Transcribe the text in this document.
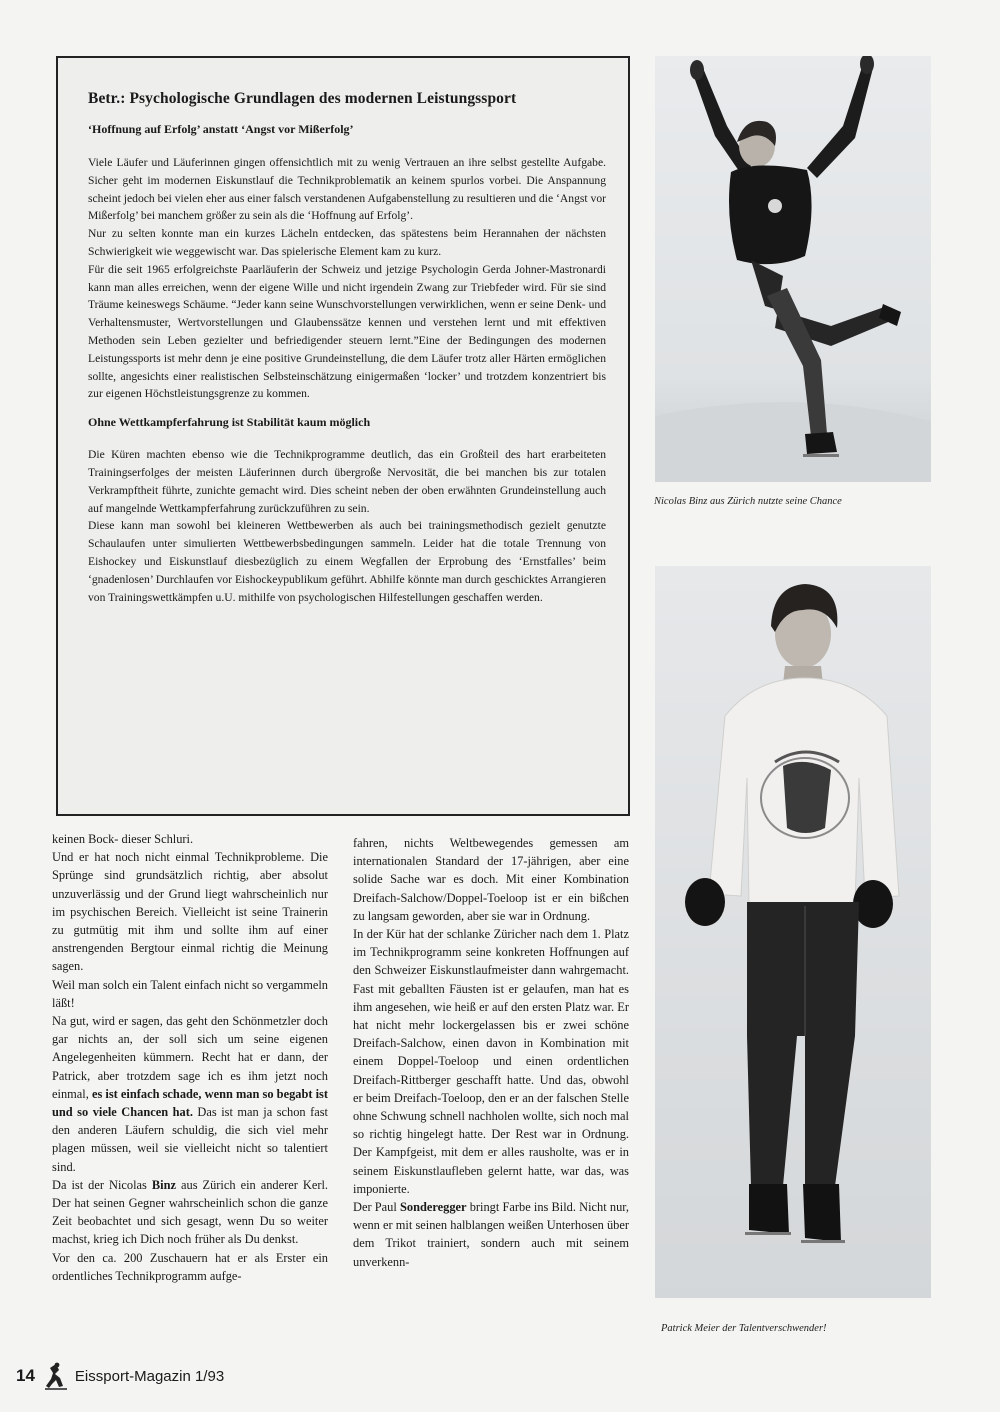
Betr.: Psychologische Grundlagen des modernen Leistungssport
‘Hoffnung auf Erfolg’ anstatt ‘Angst vor Mißerfolg’

Viele Läufer und Läuferinnen gingen offensichtlich mit zu wenig Vertrauen an ihre selbst gestellte Aufgabe. Sicher geht im modernen Eiskunstlauf die Technikproblematik an keinem spurlos vorbei. Die Anspannung scheint jedoch bei vielen eher aus einer falsch verstandenen Aufgabenstellung zu resultieren und die ‘Angst vor Mißerfolg’ bei manchem größer zu sein als die ‘Hoffnung auf Erfolg’.

Nur zu selten konnte man ein kurzes Lächeln entdecken, das spätestens beim Herannahen der nächsten Schwierigkeit wie weggewischt war. Das spielerische Element kam zu kurz.

Für die seit 1965 erfolgreichste Paarläuferin der Schweiz und jetzige Psychologin Gerda Johner-Mastronardi kann man alles erreichen, wenn der eigene Wille und nicht irgendein Zwang zur Triebfeder wird. Für sie sind Träume keineswegs Schäume. “Jeder kann seine Wunschvorstellungen verwirklichen, wenn er seine Denk- und Verhaltensmuster, Wertvorstellungen und Glaubenssätze kennen und verstehen lernt und mit effektiven Methoden sein Leben gezielter und befriedigender steuern lernt.”Eine der Bedingungen des modernen Leistungssports ist mehr denn je eine positive Grundeinstellung, die dem Läufer trotz aller Härten ermöglichen sollte, angesichts einer realistischen Selbsteinschätzung einigermaßen ‘locker’ und trotzdem konzentriert bis zur eigenen Höchstleistungsgrenze zu kommen.

Ohne Wettkampferfahrung ist Stabilität kaum möglich

Die Küren machten ebenso wie die Technikprogramme deutlich, das ein Großteil des hart erarbeiteten Trainingserfolges der meisten Läuferinnen durch übergroße Nervosität, die bei manchen bis zur totalen Verkrampftheit führte, zunichte gemacht wird. Dies scheint neben der oben erwähnten Grundeinstellung auch auf mangelnde Wettkampferfahrung zurückzuführen zu sein.

Diese kann man sowohl bei kleineren Wettbewerben als auch bei trainingsmethodisch gezielt genutzte Schaulaufen unter simulierten Wettbewerbsbedingungen sammeln. Leider hat die totale Trennung von Eishockey und Eiskunstlauf diesbezüglich zu einem Wegfallen der Erprobung des ‘Ernstfalles’ beim ‘gnadenlosen’ Durchlaufen vor Eishockeypublikum geführt. Abhilfe könnte man durch geschicktes Arrangieren von Trainingswettkämpfen u.U. mithilfe von psychologischen Hilfestellungen geschaffen werden.

keinen Bock- dieser Schluri.

Und er hat noch nicht einmal Technikprobleme. Die Sprünge sind grundsätzlich richtig, aber absolut unzuverlässig und der Grund liegt wahrscheinlich nur im psychischen Bereich. Vielleicht ist seine Trainerin zu gutmütig mit ihm und sollte ihm auf einer anstrengenden Bergtour einmal richtig die Meinung sagen.

Weil man solch ein Talent einfach nicht so vergammeln läßt!

Na gut, wird er sagen, das geht den Schönmetzler doch gar nichts an, der soll sich um seine eigenen Angelegenheiten kümmern. Recht hat er dann, der Patrick, aber trotzdem sage ich es ihm jetzt noch einmal, es ist einfach schade, wenn man so begabt ist und so viele Chancen hat. Das ist man ja schon fast den anderen Läufern schuldig, die sich viel mehr plagen müssen, weil sie vielleicht nicht so talentiert sind.

Da ist der Nicolas Binz aus Zürich ein anderer Kerl. Der hat seinen Gegner wahrscheinlich schon die ganze Zeit beobachtet und sich gesagt, wenn Du so weiter machst, krieg ich Dich noch früher als Du denkst.

Vor den ca. 200 Zuschauern hat er als Erster ein ordentliches Technikprogramm aufge-

fahren, nichts Weltbewegendes gemessen am internationalen Standard der 17-jährigen, aber eine solide Sache war es doch. Mit einer Kombination Dreifach-Salchow/Doppel-Toeloop ist er ein bißchen zu langsam geworden, aber sie war in Ordnung.

In der Kür hat der schlanke Züricher nach dem 1. Platz im Technikprogramm seine konkreten Hoffnungen auf den Schweizer Eiskunstlaufmeister dann wahrgemacht. Fast mit geballten Fäusten ist er gelaufen, man hat es ihm angesehen, wie heiß er auf den ersten Platz war. Er hat nicht mehr lockergelassen bis er zwei schöne Dreifach-Salchow, einen davon in Kombination mit einem Doppel-Toeloop und einen ordentlichen Dreifach-Rittberger geschafft hatte. Und das, obwohl er beim Dreifach-Toeloop, den er an der falschen Stelle ohne Schwung schnell nachholen wollte, sich noch mal so richtig hingelegt hatte. Der Rest war in Ordnung. Der Kampfgeist, mit dem er alles rausholte, was er in seinem Eiskunstlaufleben gelernt hatte, war das, was imponierte.

Der Paul Sonderegger bringt Farbe ins Bild. Nicht nur, wenn er mit seinen halblangen weißen Unterhosen über dem Trikot trainiert, sondern auch mit seinem unverkenn-

Nicolas Binz aus Zürich nutzte seine Chance
Patrick Meier der Talentverschwender!
14	Eissport-Magazin 1/93
